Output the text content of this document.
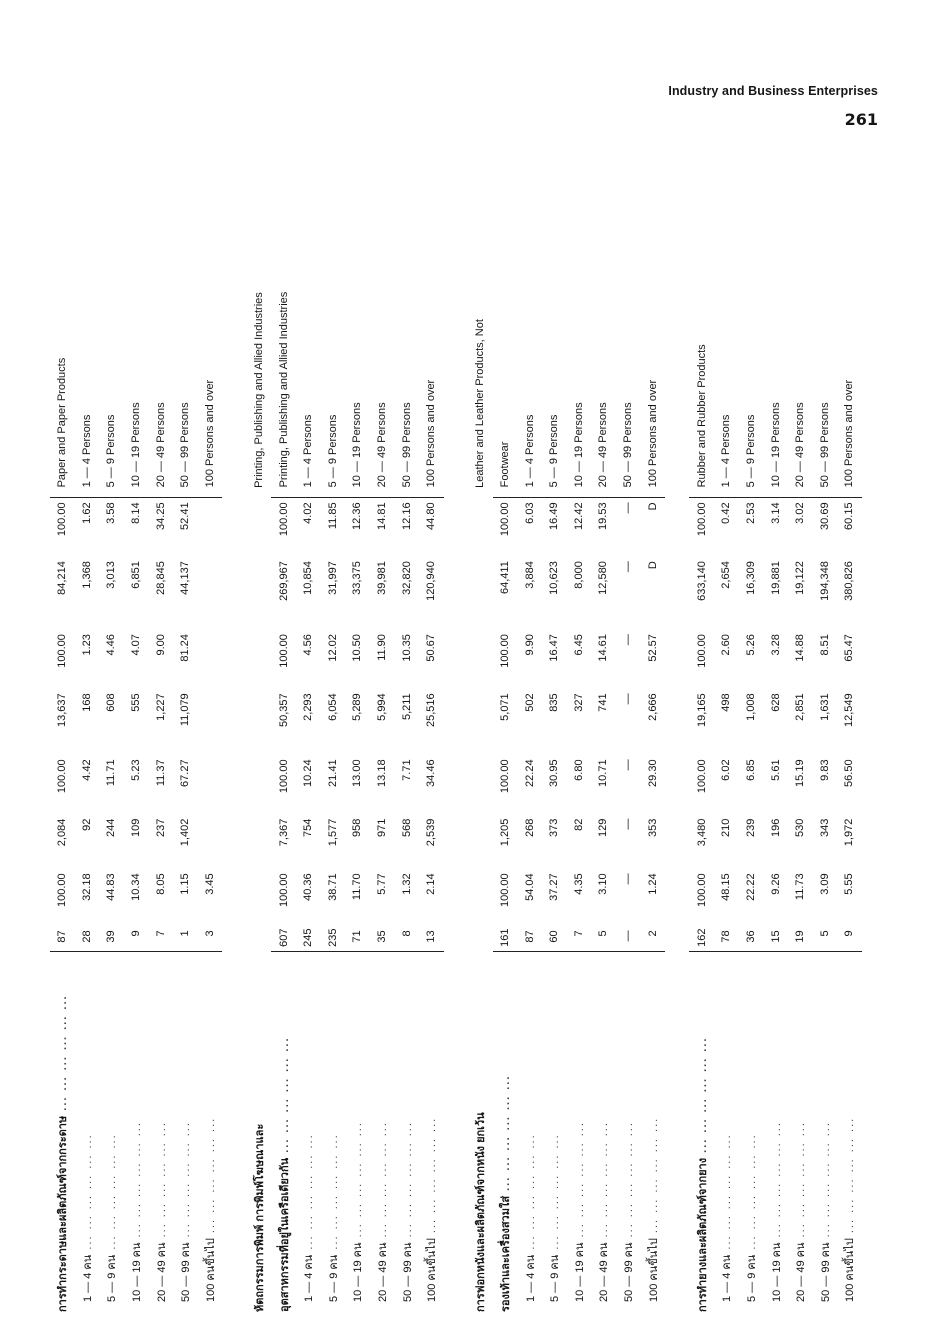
Industry and Business Enterprises
261
การทำกระดาษและผลิตภัณฑ์จากกระดาษ ... ... ... ... ... ...	87	100.00	2,084	100.00	13,637	100.00	84,214	100.00	Paper and Paper Products
1 — 4 คน ... ... ... ... ... ...	28	32.18	92	4.42	168	1.23	1,368	1.62	1 — 4 Persons
5 — 9 คน ... ... ... ... ... ...	39	44.83	244	11.71	608	4.46	3,013	3.58	5 — 9 Persons
10 — 19 คน ... ... ... ... ... ...	9	10.34	109	5.23	555	4.07	6,851	8.14	10 — 19 Persons
20 — 49 คน ... ... ... ... ... ...	7	8.05	237	11.37	1,227	9.00	28,845	34.25	20 — 49 Persons
50 — 99 คน ... ... ... ... ... ...	1	1.15	1,402	67.27	11,079	81.24	44,137	52.41	50 — 99 Persons
100 คนขึ้นไป ... ... ... ... ... ...	3	3.45							100 Persons and over

ห้ตถกรรมการพิมพ์ การพิมพ์โฆษณาและ									Printing, Publishing and Allied Industries
อุตสาหกรรมที่อยู่ในเครือเดียวกัน ... ... ... ... ... ...	607	100.00	7,367	100.00	50,357	100.00	269,967	100.00	Printing, Publishing and Allied Industries
1 — 4 คน ... ... ... ... ... ...	245	40.36	754	10.24	2,293	4.56	10,854	4.02	1 — 4 Persons
5 — 9 คน ... ... ... ... ... ...	235	38.71	1,577	21.41	6,054	12.02	31,997	11.85	5 — 9 Persons
10 — 19 คน ... ... ... ... ... ...	71	11.70	958	13.00	5,289	10.50	33,375	12.36	10 — 19 Persons
20 — 49 คน ... ... ... ... ... ...	35	5.77	971	13.18	5,994	11.90	39,981	14.81	20 — 49 Persons
50 — 99 คน ... ... ... ... ... ...	8	1.32	568	7.71	5,211	10.35	32,820	12.16	50 — 99 Persons
100 คนขึ้นไป ... ... ... ... ... ...	13	2.14	2,539	34.46	25,516	50.67	120,940	44.80	100 Persons and over

การฟอกหนังและผลิตภัณฑ์จากหนัง ยกเว้น									Leather and Leather Products, Not
รองเท้าและเครื่องสวมใส่ ... ... ... ... ... ...	161	100.00	1,205	100.00	5,071	100.00	64,411	100.00	Footwear
1 — 4 คน ... ... ... ... ... ...	87	54.04	268	22.24	502	9.90	3,884	6.03	1 — 4 Persons
5 — 9 คน ... ... ... ... ... ...	60	37.27	373	30.95	835	16.47	10,623	16.49	5 — 9 Persons
10 — 19 คน ... ... ... ... ... ...	7	4.35	82	6.80	327	6.45	8,000	12.42	10 — 19 Persons
20 — 49 คน ... ... ... ... ... ...	5	3.10	129	10.71	741	14.61	12,580	19.53	20 — 49 Persons
50 — 99 คน ... ... ... ... ... ...	—	—	—	—	—	—	—	—	50 — 99 Persons
100 คนขึ้นไป ... ... ... ... ... ...	2	1.24	353	29.30	2,666	52.57	D	D	100 Persons and over

การทำยางและผลิตภัณฑ์จากยาง ... ... ... ... ... ...	162	100.00	3,480	100.00	19,165	100.00	633,140	100.00	Rubber and Rubber Products
1 — 4 คน ... ... ... ... ... ...	78	48.15	210	6.02	498	2.60	2,654	0.42	1 — 4 Persons
5 — 9 คน ... ... ... ... ... ...	36	22.22	239	6.85	1,008	5.26	16,309	2.53	5 — 9 Persons
10 — 19 คน ... ... ... ... ... ...	15	9.26	196	5.61	628	3.28	19,881	3.14	10 — 19 Persons
20 — 49 คน ... ... ... ... ... ...	19	11.73	530	15.19	2,851	14.88	19,122	3.02	20 — 49 Persons
50 — 99 คน ... ... ... ... ... ...	5	3.09	343	9.83	1,631	8.51	194,348	30.69	50 — 99 Persons
100 คนขึ้นไป ... ... ... ... ... ...	9	5.55	1,972	56.50	12,549	65.47	380,826	60.15	100 Persons and over
